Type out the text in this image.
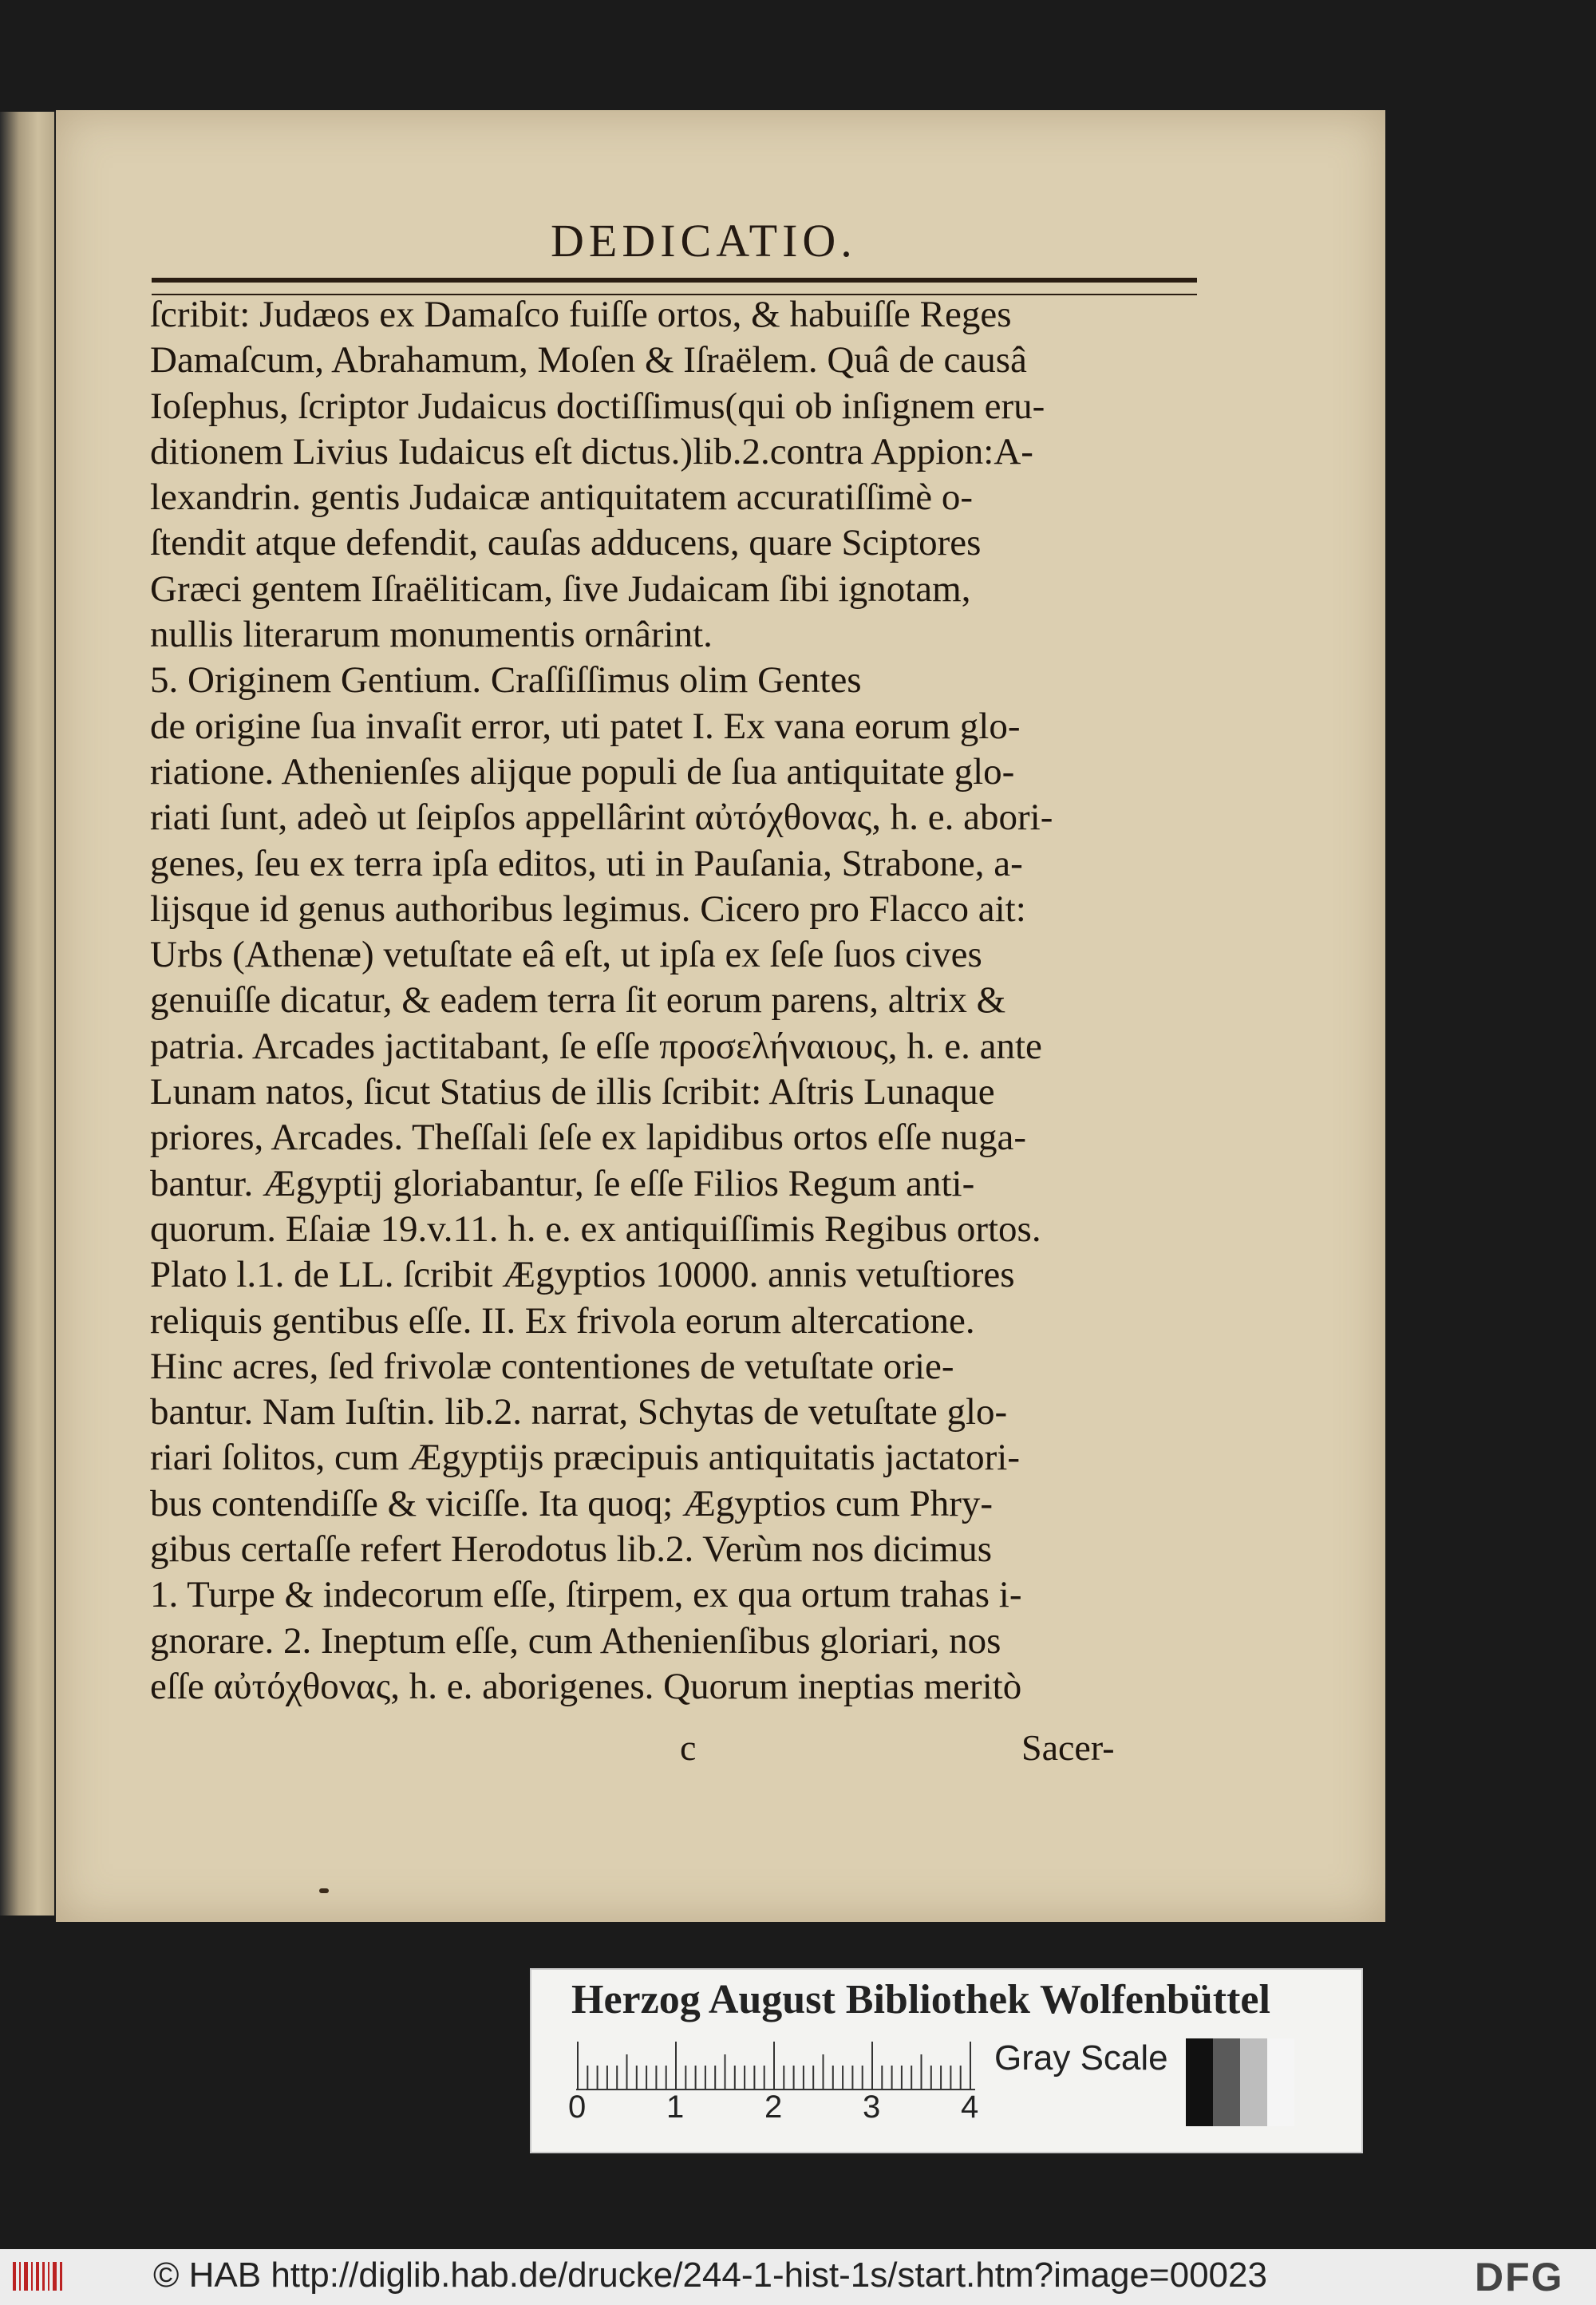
DEDICATIO.
ſcribit: Judæos ex Damaſco fuiſſe ortos, & habuiſſe Reges
Damaſcum, Abrahamum, Moſen & Iſraëlem. Quâ de causâ
Ioſephus, ſcriptor Judaicus doctiſſimus(qui ob inſignem eru-
ditionem Livius Iudaicus eſt dictus.)lib.2.contra Appion:A-
lexandrin. gentis Judaicæ antiquitatem accuratiſſimè o-
ſtendit atque defendit, cauſas adducens, quare Sciptores
Græci gentem Iſraëliticam, ſive Judaicam ſibi ignotam,
nullis literarum monumentis ornârint.
5. Originem Gentium. Craſſiſſimus olim Gentes
de origine ſua invaſit error, uti patet I. Ex vana eorum glo-
riatione. Athenienſes alijque populi de ſua antiquitate glo-
riati ſunt, adeò ut ſeipſos appellârint αὐτόχθονας, h. e. abori-
genes, ſeu ex terra ipſa editos, uti in Pauſania, Strabone, a-
lijsque id genus authoribus legimus. Cicero pro Flacco ait:
Urbs (Athenæ) vetuſtate eâ eſt, ut ipſa ex ſeſe ſuos cives
genuiſſe dicatur, & eadem terra ſit eorum parens, altrix &
patria. Arcades jactitabant, ſe eſſe προσελήναιους, h. e. ante
Lunam natos, ſicut Statius de illis ſcribit: Aſtris Lunaque
priores, Arcades. Theſſali ſeſe ex lapidibus ortos eſſe nuga-
bantur. Ægyptij gloriabantur, ſe eſſe Filios Regum anti-
quorum. Eſaiæ 19.v.11. h. e. ex antiquiſſimis Regibus ortos.
Plato l.1. de LL. ſcribit Ægyptios 10000. annis vetuſtiores
reliquis gentibus eſſe. II. Ex frivola eorum altercatione.
Hinc acres, ſed frivolæ contentiones de vetuſtate orie-
bantur. Nam Iuſtin. lib.2. narrat, Schytas de vetuſtate glo-
riari ſolitos, cum Ægyptijs præcipuis antiquitatis jactatori-
bus contendiſſe & viciſſe. Ita quoq; Ægyptios cum Phry-
gibus certaſſe refert Herodotus lib.2. Verùm nos dicimus
1. Turpe & indecorum eſſe, ſtirpem, ex qua ortum trahas i-
gnorare. 2. Ineptum eſſe, cum Athenienſibus gloriari, nos
eſſe αὐτόχθονας, h. e. aborigenes. Quorum ineptias meritò
c	Sacer-
Herzog August Bibliothek Wolfenbüttel
0	1	2	3	4
Gray Scale
© HAB http://diglib.hab.de/drucke/244-1-hist-1s/start.htm?image=00023	DFG
